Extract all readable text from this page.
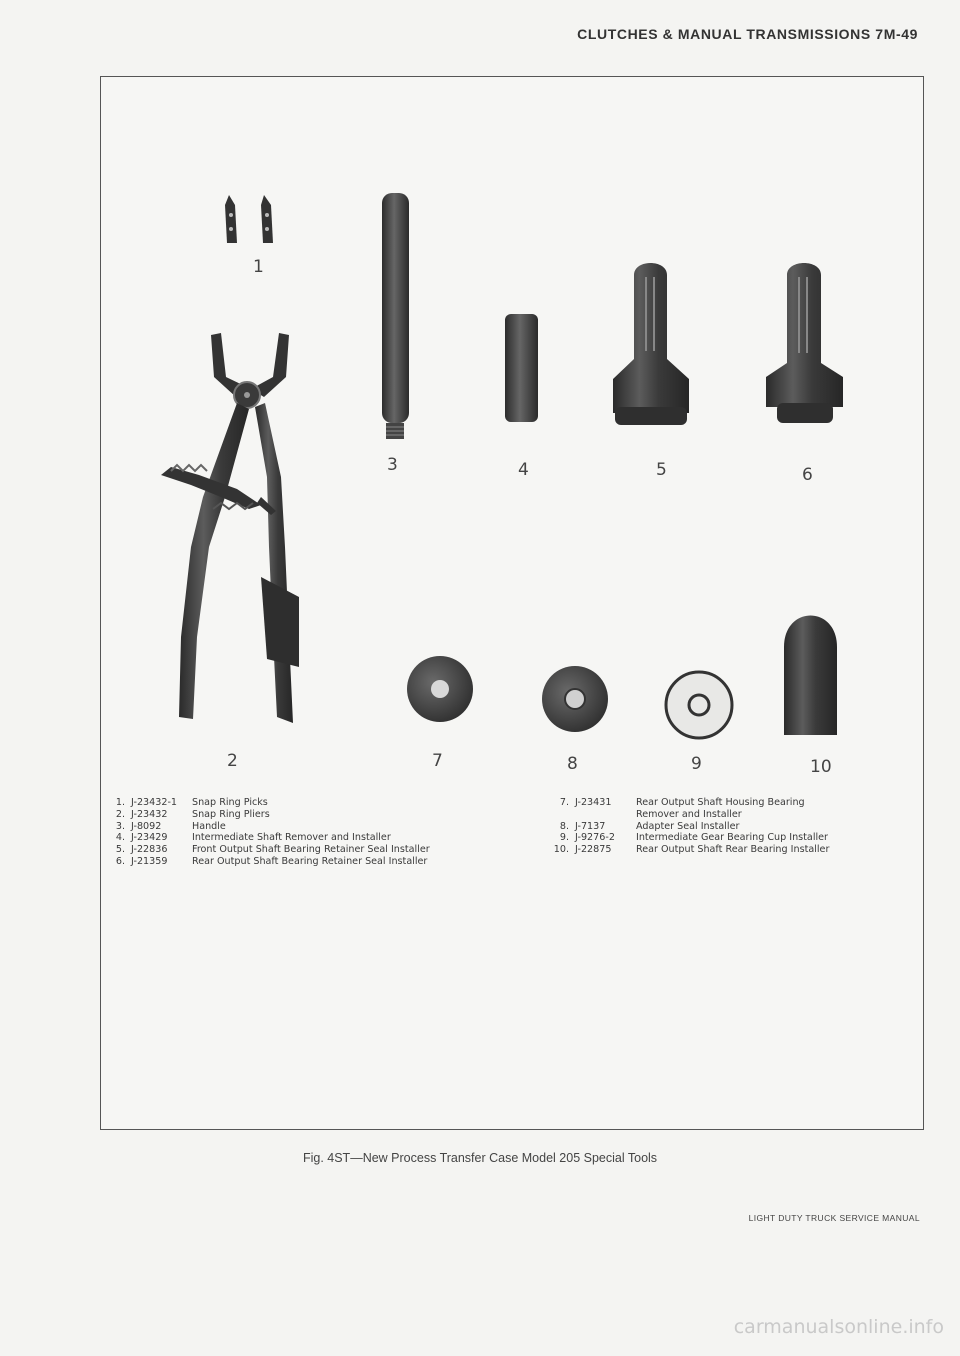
CLUTCHES & MANUAL TRANSMISSIONS 7M-49
1
2
3	4	5	6
7	8	9	10
1. J-23432-1	Snap Ring Picks
2. J-23432	Snap Ring Pliers
3. J-8092	Handle
4. J-23429	Intermediate Shaft Remover and Installer
5. J-22836	Front Output Shaft Bearing Retainer Seal Installer
6. J-21359	Rear Output Shaft Bearing Retainer Seal Installer
7. J-23431	Rear Output Shaft Housing Bearing
Remover and Installer
8. J-7137	Adapter Seal Installer
9. J-9276-2	Intermediate Gear Bearing Cup Installer
10. J-22875	Rear Output Shaft Rear Bearing Installer
Fig. 4ST—New Process Transfer Case Model 205 Special Tools
LIGHT DUTY TRUCK SERVICE MANUAL
carmanualsonline.info
